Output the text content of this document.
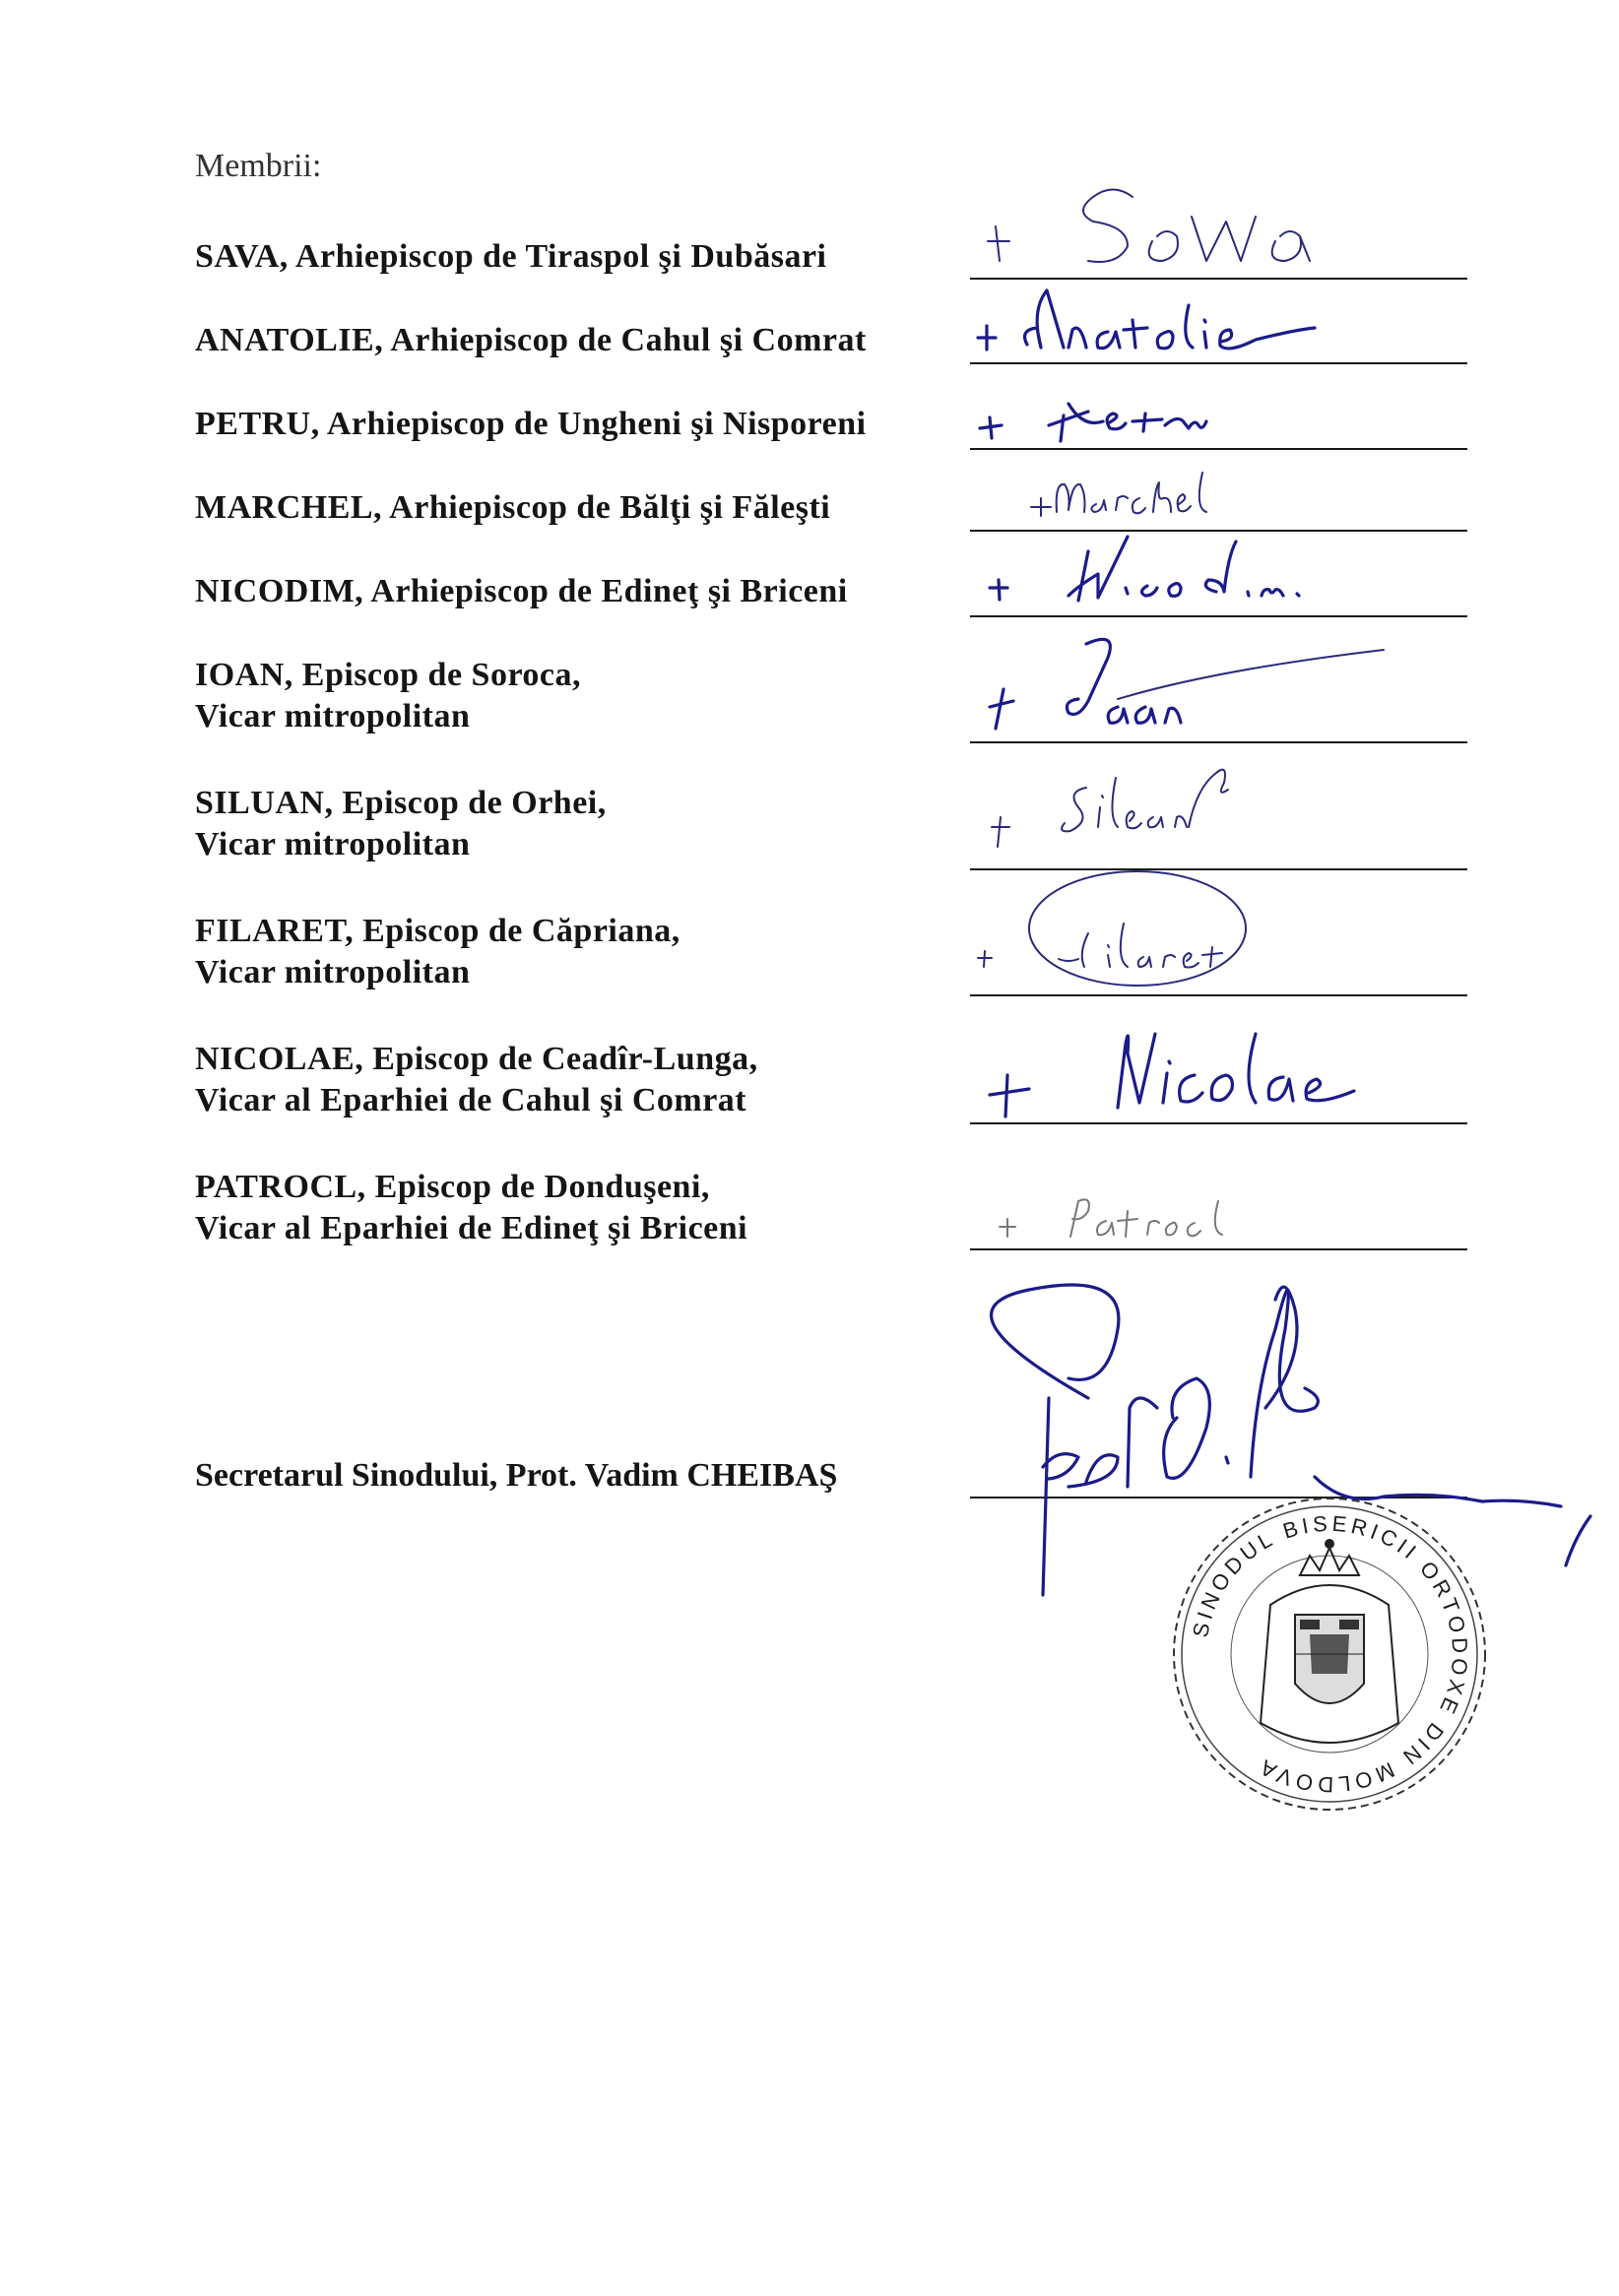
Membrii:
SAVA, Arhiepiscop de Tiraspol şi Dubăsari
ANATOLIE, Arhiepiscop de Cahul şi Comrat
PETRU, Arhiepiscop de Ungheni şi Nisporeni
MARCHEL, Arhiepiscop de Bălţi şi Făleşti
NICODIM, Arhiepiscop de Edineţ şi Briceni
IOAN, Episcop de Soroca,
Vicar mitropolitan
SILUAN, Episcop de Orhei,
Vicar mitropolitan
FILARET, Episcop de Căpriana,
Vicar mitropolitan
NICOLAE, Episcop de Ceadîr-Lunga,
Vicar al Eparhiei de Cahul şi Comrat
PATROCL, Episcop de Donduşeni,
Vicar al Eparhiei de Edineţ şi Briceni
Secretarul Sinodului, Prot. Vadim CHEIBAŞ
SINODUL BISERICII ORTODOXE DIN MOLDOVA
